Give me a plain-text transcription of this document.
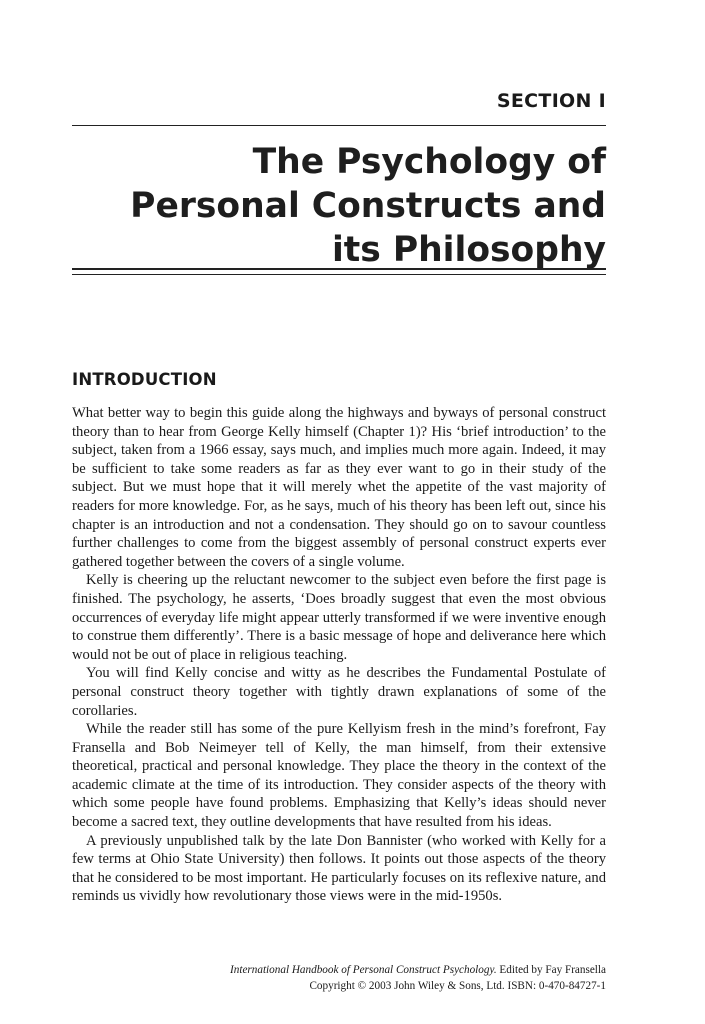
SECTION I
The Psychology of
Personal Constructs and
its Philosophy
INTRODUCTION

What better way to begin this guide along the highways and byways of personal construct theory than to hear from George Kelly himself (Chapter 1)? His ‘brief introduction’ to the subject, taken from a 1966 essay, says much, and implies much more again. Indeed, it may be sufficient to take some readers as far as they ever want to go in their study of the subject. But we must hope that it will merely whet the appetite of the vast majority of readers for more knowledge. For, as he says, much of his theory has been left out, since his chapter is an introduction and not a condensation. They should go on to savour countless further challenges to come from the biggest assembly of personal construct experts ever gathered together between the covers of a single volume.

Kelly is cheering up the reluctant newcomer to the subject even before the first page is finished. The psychology, he asserts, ‘Does broadly suggest that even the most obvious occurrences of everyday life might appear utterly transformed if we were inventive enough to construe them differently’. There is a basic message of hope and deliverance here which would not be out of place in religious teaching.

You will find Kelly concise and witty as he describes the Fundamental Postulate of personal construct theory together with tightly drawn explanations of some of the corollaries.

While the reader still has some of the pure Kellyism fresh in the mind’s forefront, Fay Fransella and Bob Neimeyer tell of Kelly, the man himself, from their extensive theoretical, practical and personal knowledge. They place the theory in the context of the academic climate at the time of its introduction. They consider aspects of the theory with which some people have found problems. Emphasizing that Kelly’s ideas should never become a sacred text, they outline developments that have resulted from his ideas.

A previously unpublished talk by the late Don Bannister (who worked with Kelly for a few terms at Ohio State University) then follows. It points out those aspects of the theory that he considered to be most important. He particularly focuses on its reflexive nature, and reminds us vividly how revolutionary those views were in the mid-1950s.

International Handbook of Personal Construct Psychology. Edited by Fay Fransella
Copyright © 2003 John Wiley & Sons, Ltd. ISBN: 0-470-84727-1
